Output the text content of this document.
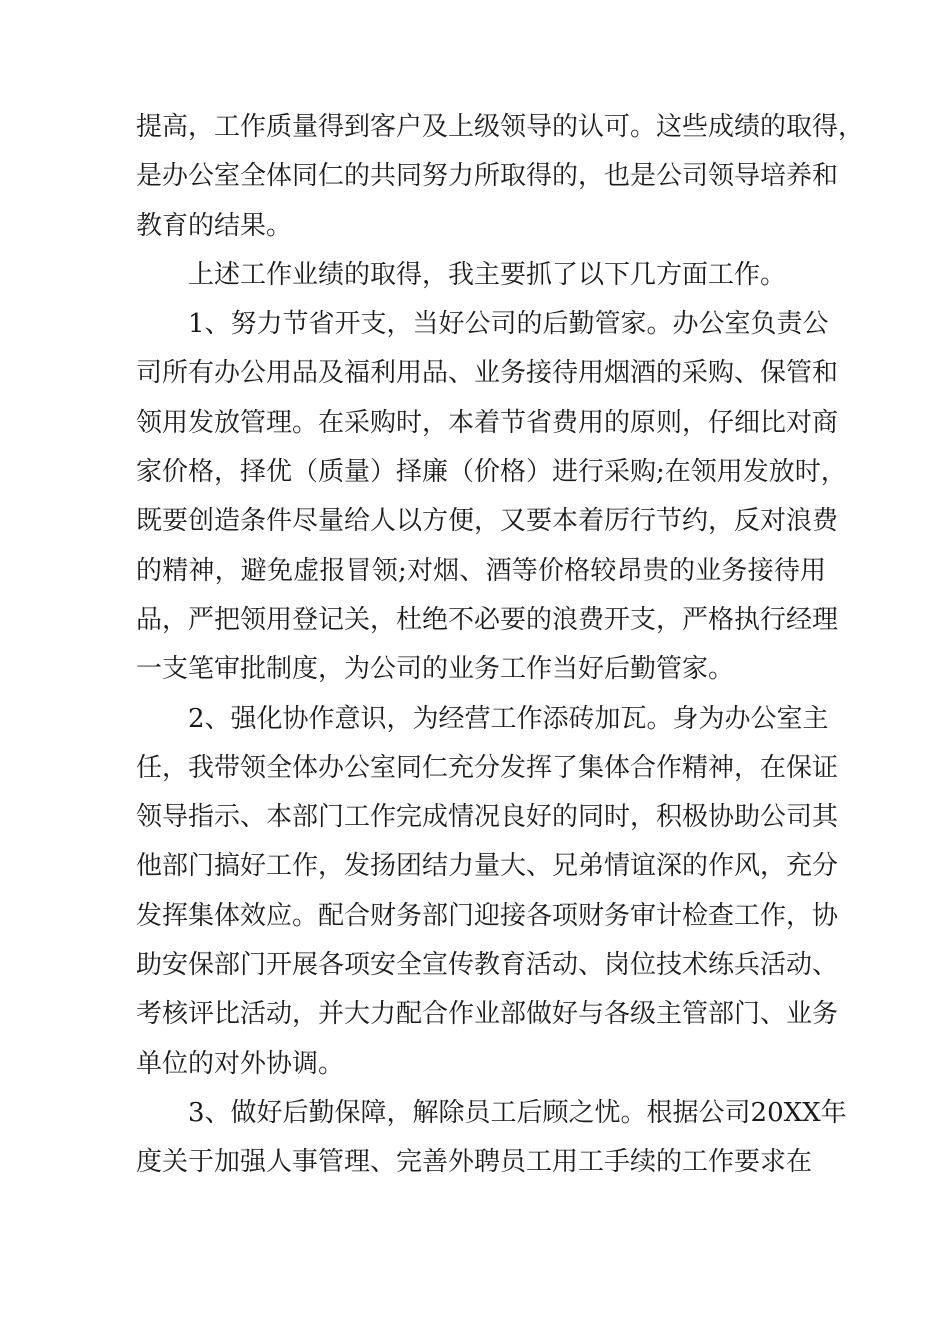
提高，工作质量得到客户及上级领导的认可。这些成绩的取得，
是办公室全体同仁的共同努力所取得的，也是公司领导培养和
教育的结果。
上述工作业绩的取得，我主要抓了以下几方面工作。
1、努力节省开支，当好公司的后勤管家。办公室负责公
司所有办公用品及福利用品、业务接待用烟酒的采购、保管和
领用发放管理。在采购时，本着节省费用的原则，仔细比对商
家价格，择优（质量）择廉（价格）进行采购;在领用发放时，
既要创造条件尽量给人以方便，又要本着厉行节约，反对浪费
的精神，避免虚报冒领;对烟、酒等价格较昂贵的业务接待用
品，严把领用登记关，杜绝不必要的浪费开支，严格执行经理
一支笔审批制度，为公司的业务工作当好后勤管家。
2、强化协作意识，为经营工作添砖加瓦。身为办公室主
任，我带领全体办公室同仁充分发挥了集体合作精神，在保证
领导指示、本部门工作完成情况良好的同时，积极协助公司其
他部门搞好工作，发扬团结力量大、兄弟情谊深的作风，充分
发挥集体效应。配合财务部门迎接各项财务审计检查工作，协
助安保部门开展各项安全宣传教育活动、岗位技术练兵活动、
考核评比活动，并大力配合作业部做好与各级主管部门、业务
单位的对外协调。
3、做好后勤保障，解除员工后顾之忧。根据公司20XX年
度关于加强人事管理、完善外聘员工用工手续的工作要求在
